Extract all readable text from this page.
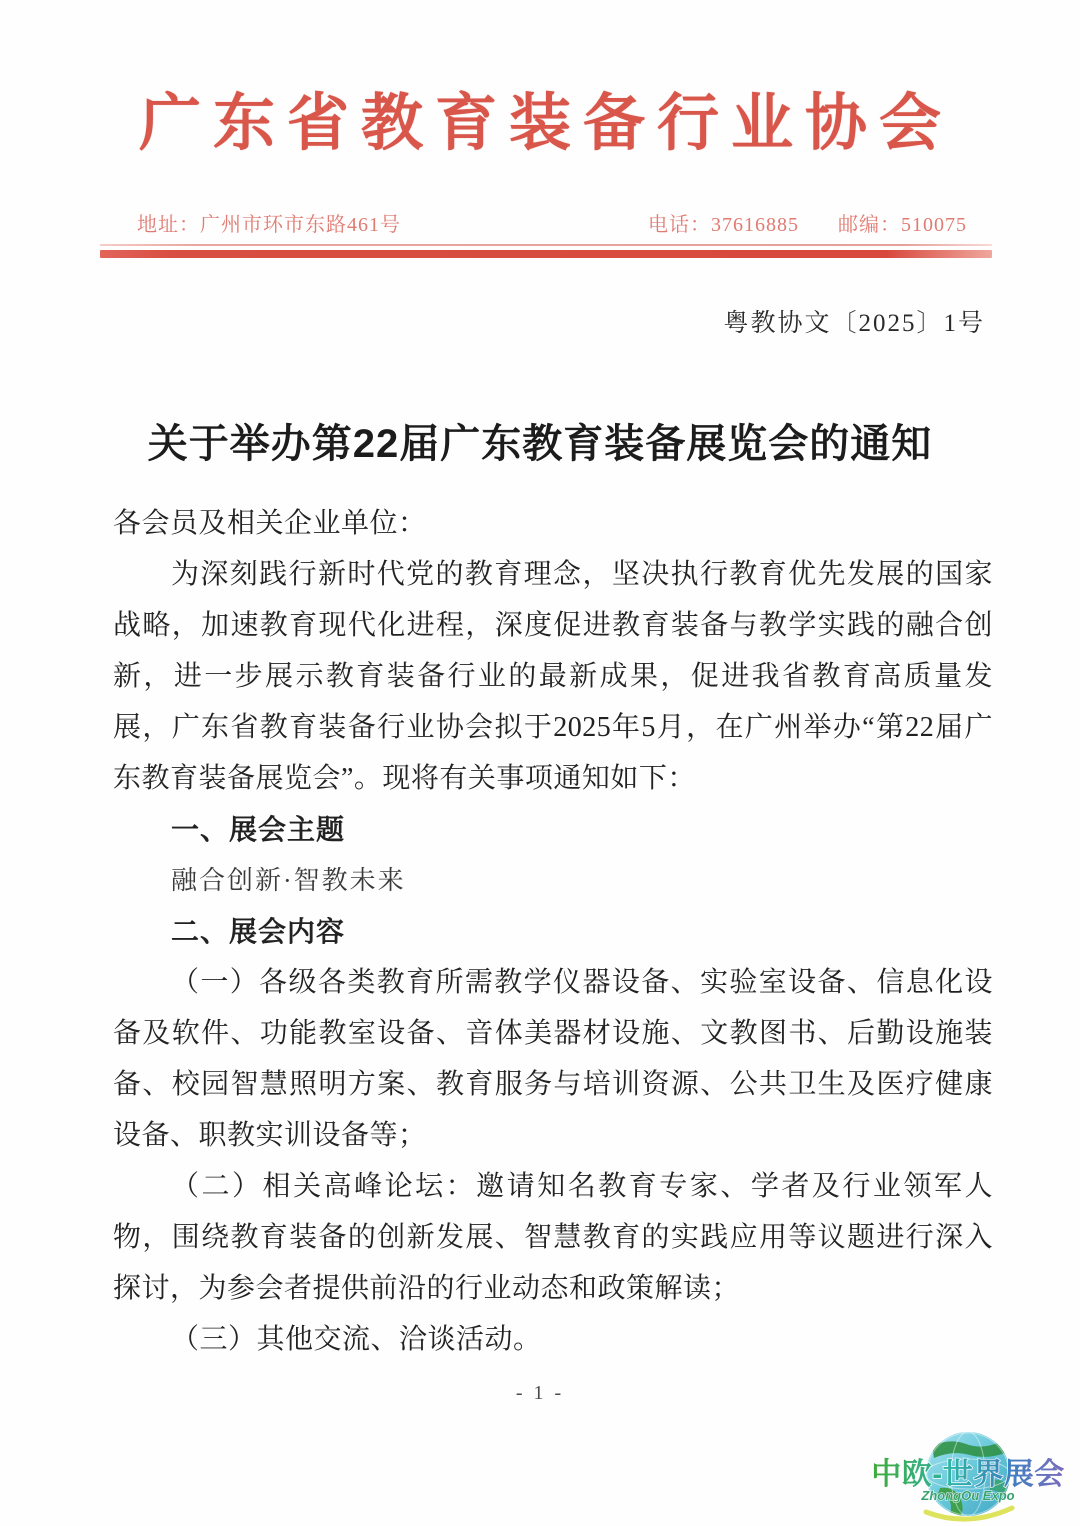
广东省教育装备行业协会
地址：广州市环市东路461号	电话：37616885 邮编：510075
粤教协文〔2025〕1号
关于举办第22届广东教育装备展览会的通知
各会员及相关企业单位：
为深刻践行新时代党的教育理念，坚决执行教育优先发展的国家战略，加速教育现代化进程，深度促进教育装备与教学实践的融合创新，进一步展示教育装备行业的最新成果，促进我省教育高质量发展，广东省教育装备行业协会拟于2025年5月，在广州举办“第22届广东教育装备展览会”。现将有关事项通知如下：
一、展会主题
融合创新·智教未来
二、展会内容
（一）各级各类教育所需教学仪器设备、实验室设备、信息化设备及软件、功能教室设备、音体美器材设施、文教图书、后勤设施装备、校园智慧照明方案、教育服务与培训资源、公共卫生及医疗健康设备、职教实训设备等；
（二）相关高峰论坛：邀请知名教育专家、学者及行业领军人物，围绕教育装备的创新发展、智慧教育的实践应用等议题进行深入探讨，为参会者提供前沿的行业动态和政策解读；
（三）其他交流、洽谈活动。
- 1 -
中欧-世界展会
ZhongOu Expo
